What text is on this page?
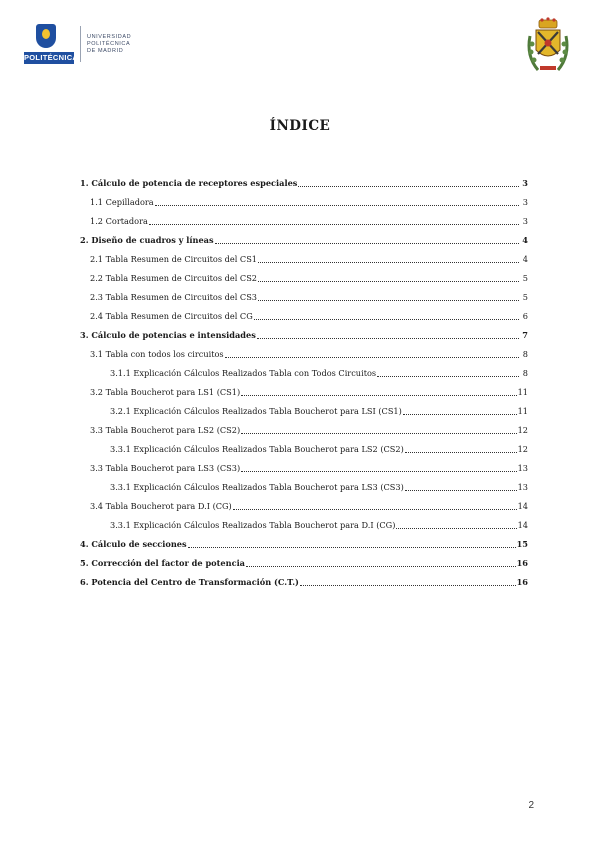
POLITÉCNICA
UNIVERSIDAD
POLITÉCNICA
DE MADRID
ÍNDICE
1. Cálculo de potencia de receptores especiales	3
1.1 Cepilladora	3
1.2 Cortadora	3
2. Diseño de cuadros y líneas	4
2.1 Tabla Resumen de Circuitos del CS1	4
2.2 Tabla Resumen de Circuitos del CS2	5
2.3 Tabla Resumen de Circuitos del CS3	5
2.4 Tabla Resumen de Circuitos del CG	6
3. Cálculo de potencias e intensidades	7
3.1 Tabla con todos los circuitos	8
3.1.1 Explicación Cálculos Realizados Tabla con Todos Circuitos	8
3.2 Tabla Boucherot para LS1 (CS1)	11
3.2.1 Explicación Cálculos Realizados Tabla Boucherot para LSI (CS1)	11
3.3 Tabla Boucherot para LS2 (CS2)	12
3.3.1 Explicación Cálculos Realizados Tabla Boucherot para LS2 (CS2)	12
3.3 Tabla Boucherot para LS3 (CS3)	13
3.3.1 Explicación Cálculos Realizados Tabla Boucherot para LS3 (CS3)	13
3.4 Tabla Boucherot para D.I (CG)	14
3.3.1 Explicación Cálculos Realizados Tabla Boucherot para D.I (CG)	14
4. Cálculo de secciones	15
5. Corrección del factor de potencia	16
6. Potencia del Centro de Transformación (C.T.)	16
2
